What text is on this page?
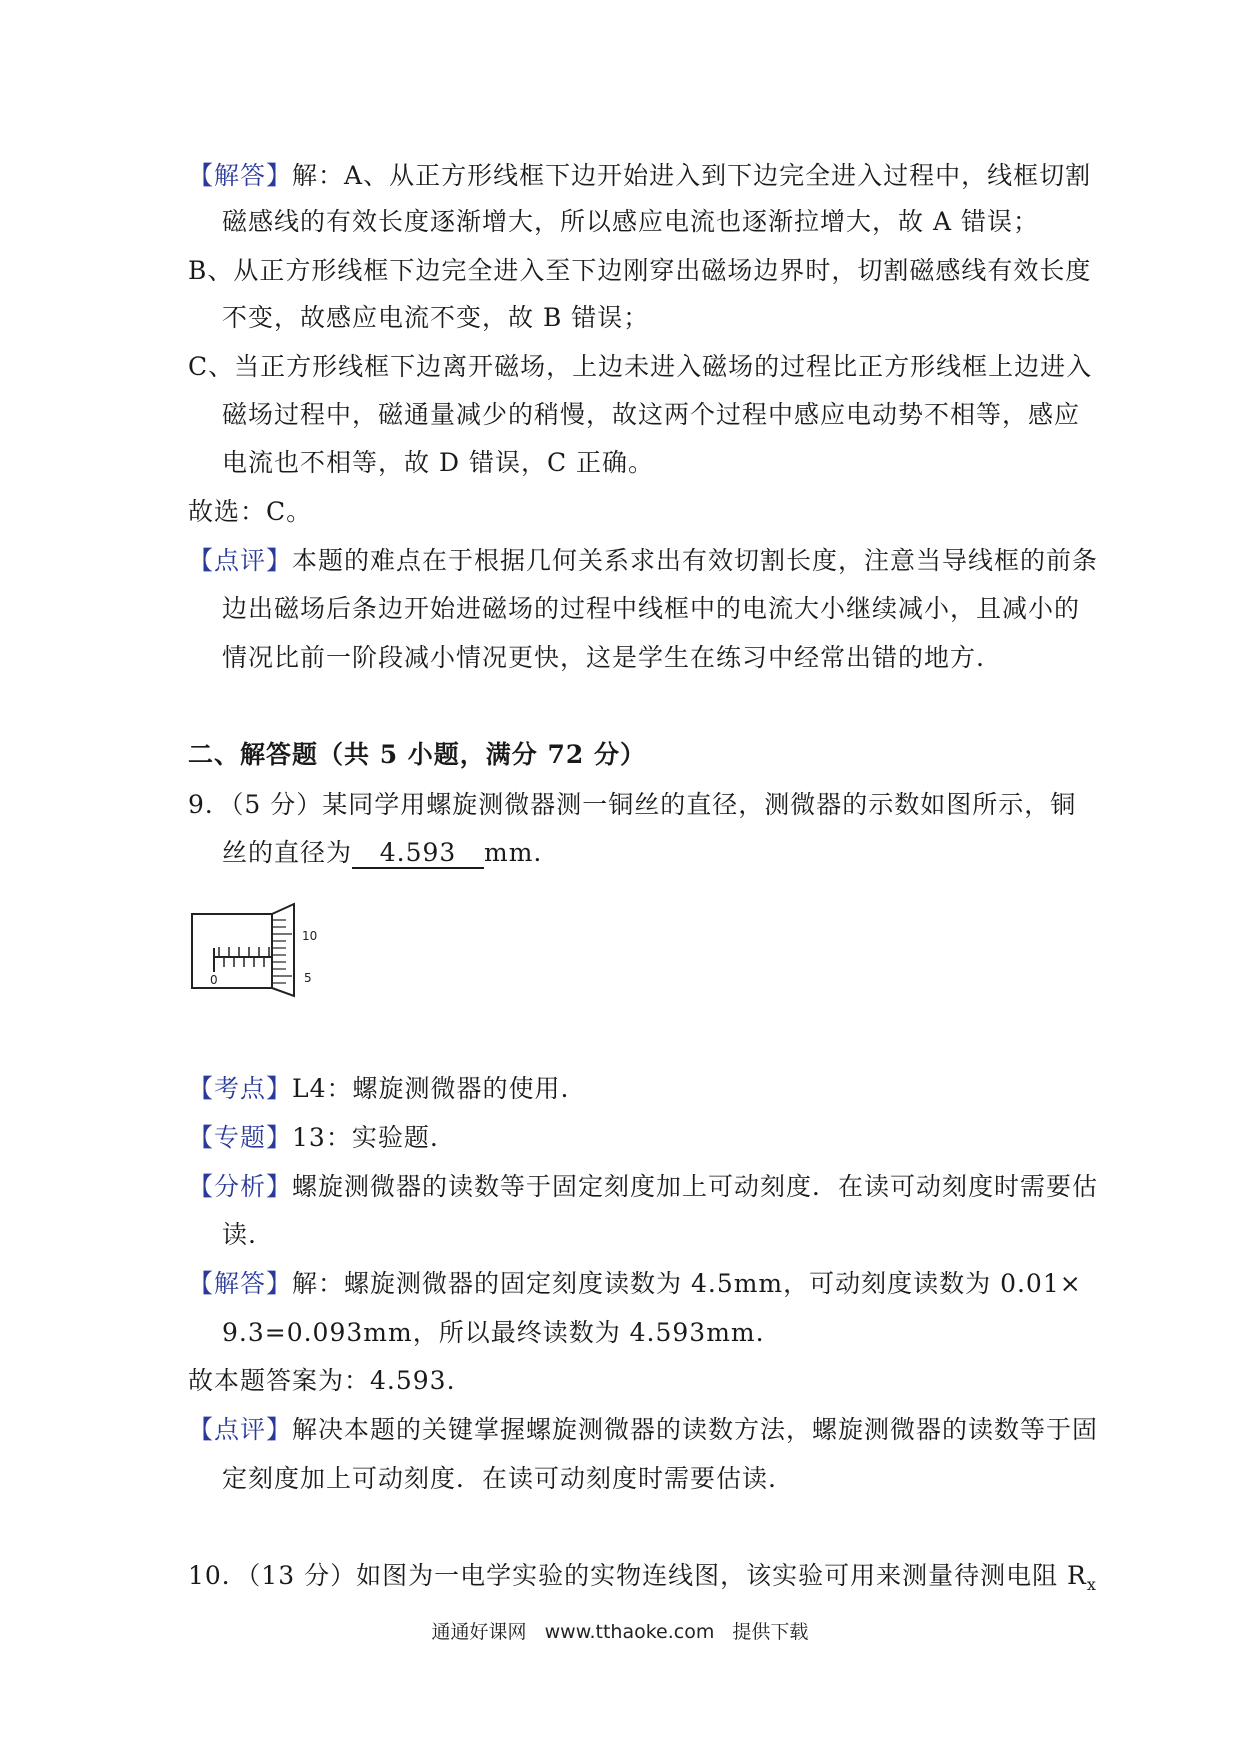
【解答】解：A、从正方形线框下边开始进入到下边完全进入过程中，线框切割
磁感线的有效长度逐渐增大，所以感应电流也逐渐拉增大，故 A 错误；
B、从正方形线框下边完全进入至下边刚穿出磁场边界时，切割磁感线有效长度
不变，故感应电流不变，故 B 错误；
C、当正方形线框下边离开磁场，上边未进入磁场的过程比正方形线框上边进入
磁场过程中，磁通量减少的稍慢，故这两个过程中感应电动势不相等，感应
电流也不相等，故 D 错误，C 正确。
故选：C。
【点评】本题的难点在于根据几何关系求出有效切割长度，注意当导线框的前条
边出磁场后条边开始进磁场的过程中线框中的电流大小继续减小，且减小的
情况比前一阶段减小情况更快，这是学生在练习中经常出错的地方.
二、解答题（共 5 小题，满分 72 分）
9．（5 分）某同学用螺旋测微器测一铜丝的直径，测微器的示数如图所示，铜
丝的直径为 4.593 mm.
10
5
0
【考点】L4：螺旋测微器的使用.
【专题】13：实验题.
【分析】螺旋测微器的读数等于固定刻度加上可动刻度．在读可动刻度时需要估
读.
【解答】解：螺旋测微器的固定刻度读数为 4.5mm，可动刻度读数为 0.01×
9.3=0.093mm，所以最终读数为 4.593mm.
故本题答案为：4.593.
【点评】解决本题的关键掌握螺旋测微器的读数方法，螺旋测微器的读数等于固
定刻度加上可动刻度．在读可动刻度时需要估读.
10．（13 分）如图为一电学实验的实物连线图，该实验可用来测量待测电阻 $R_x$
通通好课网 www.tthaoke.com 提供下载
